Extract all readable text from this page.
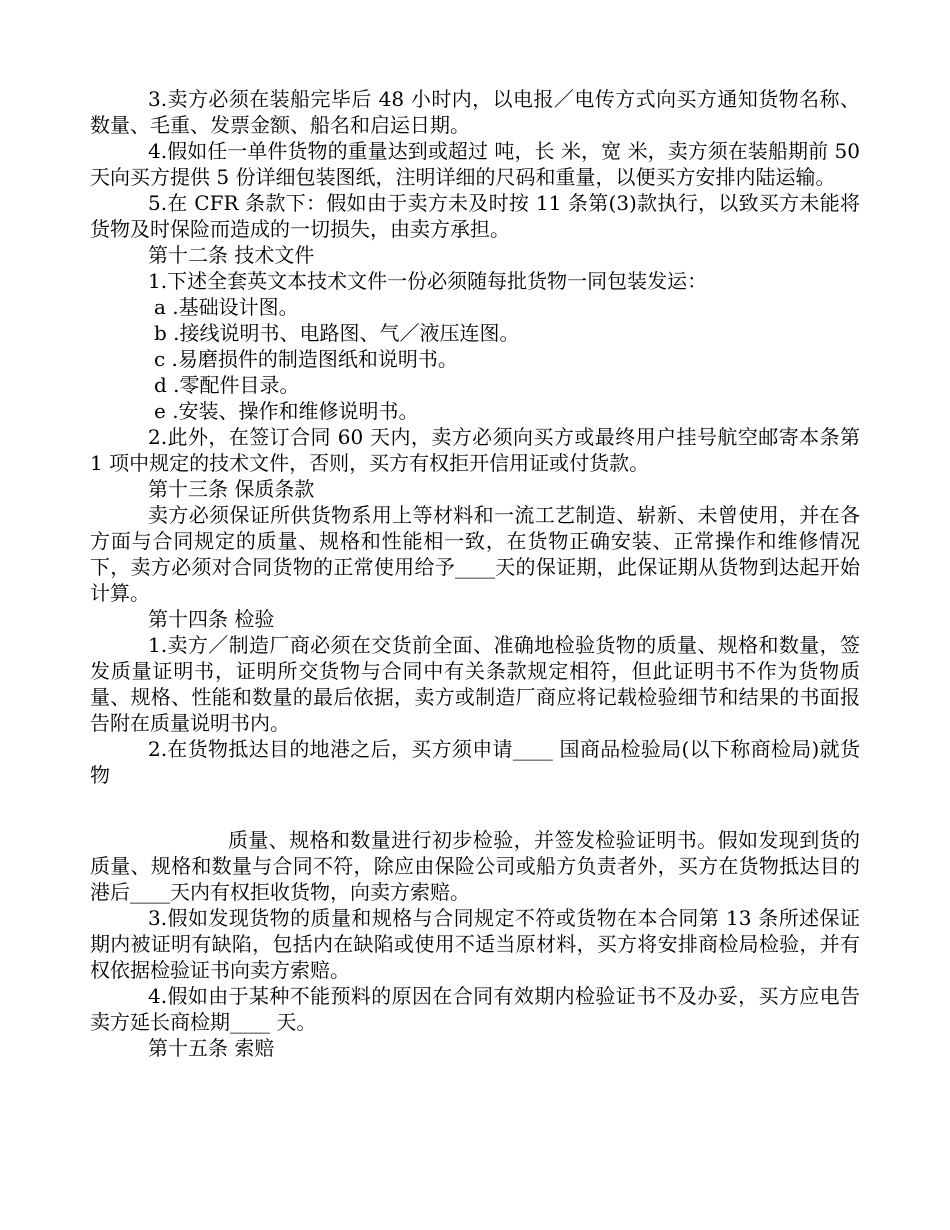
3.卖方必须在装船完毕后 48 小时内，以电报／电传方式向买方通知货物名称、数量、毛重、发票金额、船名和启运日期。

4.假如任一单件货物的重量达到或超过 吨，长 米，宽 米，卖方须在装船期前 50 天向买方提供 5 份详细包装图纸，注明详细的尺码和重量，以便买方安排内陆运输。

5.在 CFR 条款下：假如由于卖方未及时按 11 条第(3)款执行，以致买方未能将货物及时保险而造成的一切损失，由卖方承担。

第十二条 技术文件

1.下述全套英文本技术文件一份必须随每批货物一同包装发运：

a .基础设计图。

b .接线说明书、电路图、气／液压连图。

c .易磨损件的制造图纸和说明书。

d .零配件目录。

e .安装、操作和维修说明书。

2.此外，在签订合同 60 天内，卖方必须向买方或最终用户挂号航空邮寄本条第 1 项中规定的技术文件，否则，买方有权拒开信用证或付货款。

第十三条 保质条款

卖方必须保证所供货物系用上等材料和一流工艺制造、崭新、未曾使用，并在各方面与合同规定的质量、规格和性能相一致，在货物正确安装、正常操作和维修情况下，卖方必须对合同货物的正常使用给予____天的保证期，此保证期从货物到达起开始计算。

第十四条 检验

1.卖方／制造厂商必须在交货前全面、准确地检验货物的质量、规格和数量，签发质量证明书，证明所交货物与合同中有关条款规定相符，但此证明书不作为货物质量、规格、性能和数量的最后依据，卖方或制造厂商应将记载检验细节和结果的书面报告附在质量说明书内。

2.在货物抵达目的地港之后，买方须申请____ 国商品检验局(以下称商检局)就货物

质量、规格和数量进行初步检验，并签发检验证明书。假如发现到货的质量、规格和数量与合同不符，除应由保险公司或船方负责者外，买方在货物抵达目的港后____天内有权拒收货物，向卖方索赔。

3.假如发现货物的质量和规格与合同规定不符或货物在本合同第 13 条所述保证期内被证明有缺陷，包括内在缺陷或使用不适当原材料，买方将安排商检局检验，并有权依据检验证书向卖方索赔。

4.假如由于某种不能预料的原因在合同有效期内检验证书不及办妥，买方应电告卖方延长商检期____ 天。

第十五条 索赔
